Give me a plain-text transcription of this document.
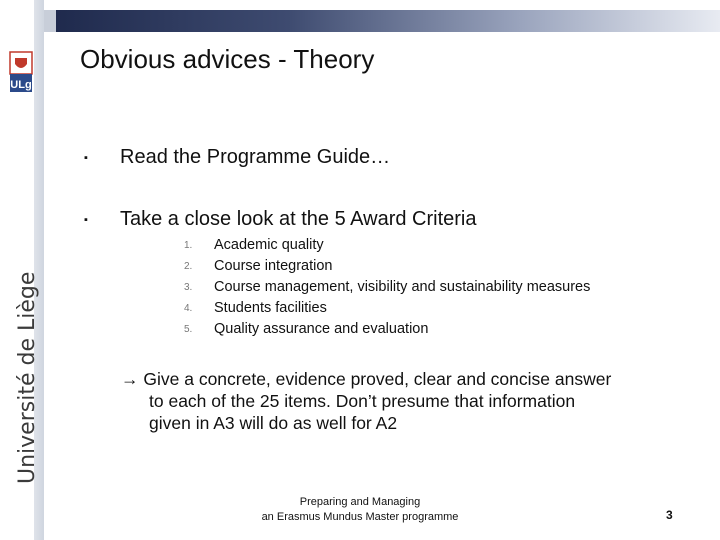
ULg
Université de Liège
Obvious advices - Theory
▪ Read the Programme Guide…
▪ Take a close look at the 5 Award Criteria
1.	Academic quality
2.	Course integration
3.	Course management, visibility and sustainability measures
4.	Students facilities
5.	Quality assurance and evaluation
→ Give a concrete, evidence proved, clear and concise answer
to each of the 25 items. Don’t presume that information
given in A3 will do as well for A2
Preparing and Managing
an Erasmus Mundus Master programme	3
